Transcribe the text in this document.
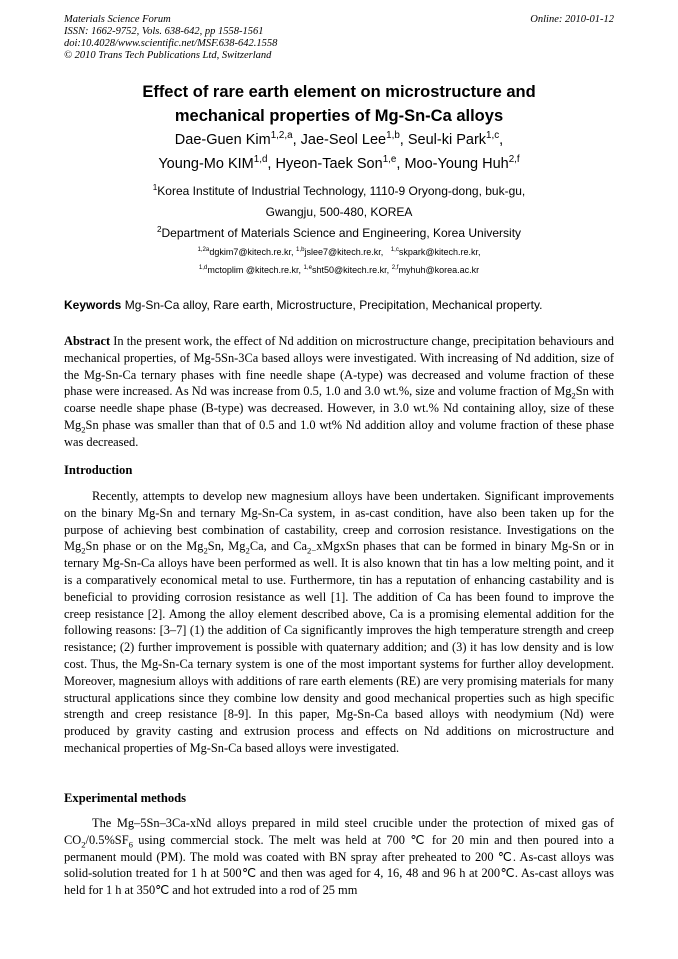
Materials Science Forum
ISSN: 1662-9752, Vols. 638-642, pp 1558-1561
doi:10.4028/www.scientific.net/MSF.638-642.1558
© 2010 Trans Tech Publications Ltd, Switzerland
Online: 2010-01-12
Effect of rare earth element on microstructure and
mechanical properties of Mg-Sn-Ca alloys
Dae-Guen Kim$^{1,2,a}$, Jae-Seol Lee$^{1,b}$, Seul-ki Park$^{1,c}$,
Young-Mo KIM$^{1,d}$, Hyeon-Taek Son$^{1,e}$, Moo-Young Huh$^{2,f}$
$^1$Korea Institute of Industrial Technology, 1110-9 Oryong-dong, buk-gu,
Gwangju, 500-480, KOREA
$^2$Department of Materials Science and Engineering, Korea University
$^{1,2a}$dgkim7@kitech.re.kr, $^{1,b}$jslee7@kitech.re.kr, $^{1,c}$skpark@kitech.re.kr,
$^{1,d}$mctoplim @kitech.re.kr, $^{1,e}$sht50@kitech.re.kr, $^{2,f}$myhuh@korea.ac.kr
Keywords Mg-Sn-Ca alloy, Rare earth, Microstructure, Precipitation, Mechanical property.
Abstract In the present work, the effect of Nd addition on microstructure change, precipitation behaviours and mechanical properties, of Mg-5Sn-3Ca based alloys were investigated. With increasing of Nd addition, size of the Mg-Sn-Ca ternary phases with fine needle shape (A-type) was decreased and volume fraction of these phase were increased. As Nd was increase from 0.5, 1.0 and 3.0 wt.%, size and volume fraction of $Mg_2Sn$ with coarse needle shape phase (B-type) was decreased. However, in 3.0 wt.% Nd containing alloy, size of these $Mg_2Sn$ phase was smaller than that of 0.5 and 1.0 wt% Nd addition alloy and volume fraction of these phase was decreased.
Introduction
Recently, attempts to develop new magnesium alloys have been undertaken. Significant improvements on the binary Mg-Sn and ternary Mg-Sn-Ca system, in as-cast condition, have also been taken up for the purpose of achieving best combination of castability, creep and corrosion resistance. Investigations on the $Mg_2Sn$ phase or on the $Mg_2Sn$, $Mg_2Ca$, and $Ca_{2-}xMgxSn$ phases that can be formed in binary Mg-Sn or in ternary Mg-Sn-Ca alloys have been performed as well. It is also known that tin has a low melting point, and it is a comparatively economical metal to use. Furthermore, tin has a reputation of enhancing castability and is beneficial to providing corrosion resistance as well [1]. The addition of Ca has been found to improve the creep resistance [2]. Among the alloy element described above, Ca is a promising elemental addition for the following reasons: [3–7] (1) the addition of Ca significantly improves the high temperature strength and creep resistance; (2) further improvement is possible with quaternary addition; and (3) it has low density and is low cost. Thus, the Mg-Sn-Ca ternary system is one of the most important systems for further alloy development. Moreover, magnesium alloys with additions of rare earth elements (RE) are very promising materials for many structural applications since they combine low density and good mechanical properties such as high specific strength and creep resistance [8-9]. In this paper, Mg-Sn-Ca based alloys with neodymium (Nd) were produced by gravity casting and extrusion process and effects on Nd additions on microstructure and mechanical properties of Mg-Sn-Ca based alloys were investigated.
Experimental methods
The Mg–5Sn–3Ca-xNd alloys prepared in mild steel crucible under the protection of mixed gas of $CO_2/0.5\%SF_6$ using commercial stock. The melt was held at 700 ℃ for 20 min and then poured into a permanent mould (PM). The mold was coated with BN spray after preheated to 200 ℃. As-cast alloys was solid-solution treated for 1 h at 500℃ and then was aged for 4, 16, 48 and 96 h at 200℃. As-cast alloys was held for 1 h at 350℃ and hot extruded into a rod of 25 mm
